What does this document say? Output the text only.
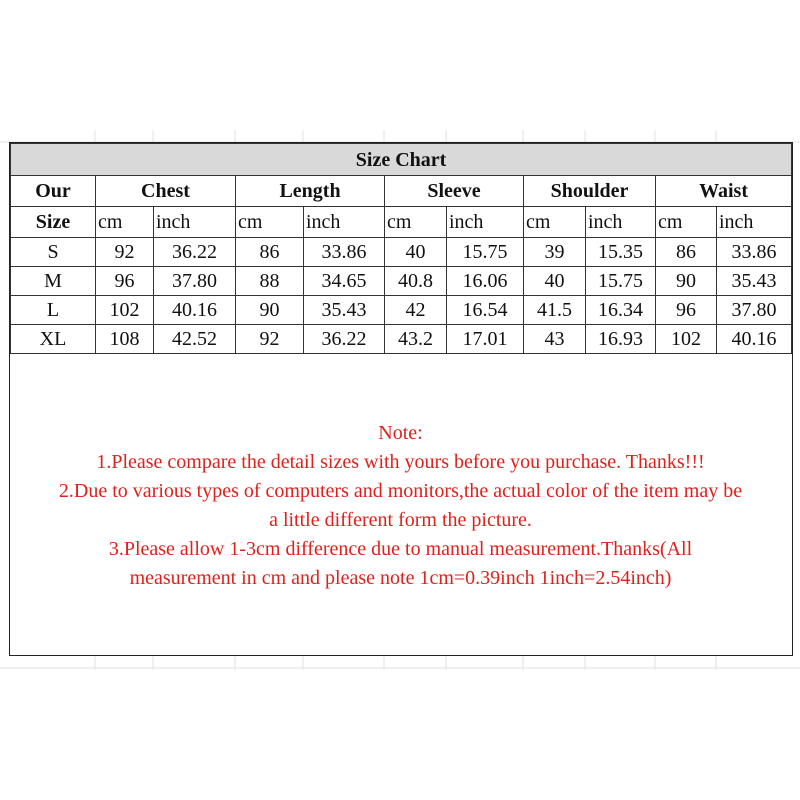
Size Chart										
Our	Chest		Length		Sleeve		Shoulder		Waist	
Size	cm	inch	cm	inch	cm	inch	cm	inch	cm	inch
S	92	36.22	86	33.86	40	15.75	39	15.35	86	33.86
M	96	37.80	88	34.65	40.8	16.06	40	15.75	90	35.43
L	102	40.16	90	35.43	42	16.54	41.5	16.34	96	37.80
XL	108	42.52	92	36.22	43.2	17.01	43	16.93	102	40.16
Note:
1.Please compare the detail sizes with yours before you purchase. Thanks!!!
2.Due to various types of computers and monitors,the actual color of the item may be
a little different form the picture.
3.Please allow 1-3cm difference due to manual measurement.Thanks(All
measurement in cm and please note 1cm=0.39inch 1inch=2.54inch)
